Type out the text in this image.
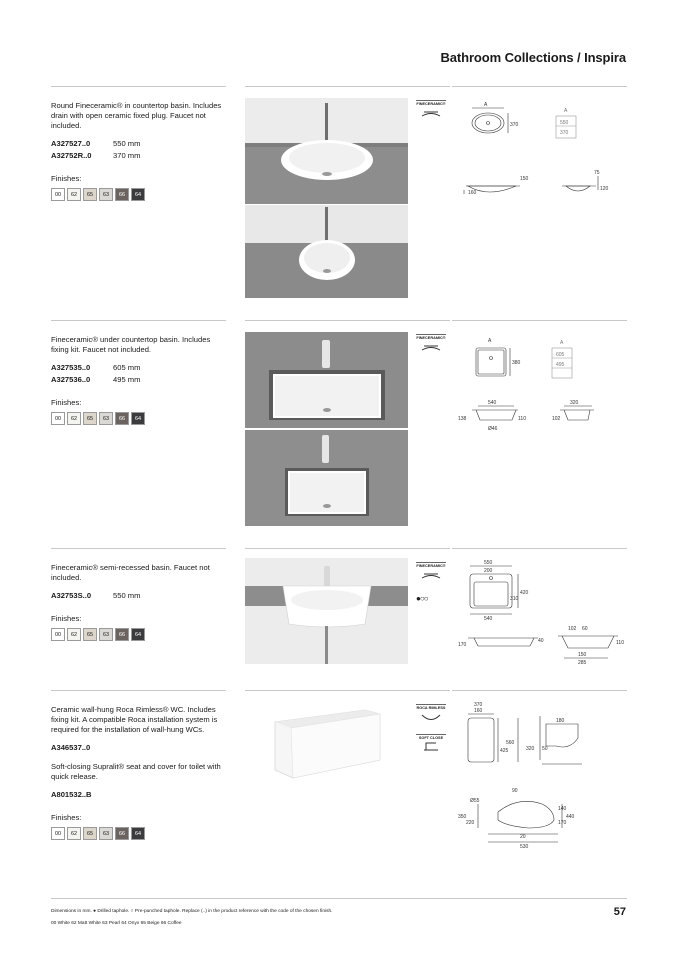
Bathroom Collections / Inspira

Round Fineceramic® in countertop basin. Includes drain with open ceramic fixed plug. Faucet not included.

A327527..0	550 mm
A32752R..0	370 mm
Finishes:
00	62	65	63	66	64
FINECERAMIC®	A
370
A
550
370
150
160
75
120

Fineceramic® under countertop basin. Includes fixing kit. Faucet not included.

A327535..0	605 mm
A327536..0	495 mm
Finishes:
00	62	65	63	66	64
FINECERAMIC®	A
380
A
605
495
540	320
138	110	102
Ø46

Fineceramic® semi-recessed basin. Faucet not included.

A32753S..0	550 mm
Finishes:
00	62	65	63	66	64
FINECERAMIC®
●○○
550
200
420
310
540
170
40
102 60
110
150
285

Ceramic wall-hung Roca Rimless® WC. Includes fixing kit. A compatible Roca installation system is required for the installation of wall-hung WCs.

A346537..0

Soft-closing Supralit® seat and cover for toilet with quick release.

A801532..B
Finishes:
00	62	65	63	66	64
ROCA RIMLESS
SOFT CLOSE
370
160
425
560
180
320 50
90
Ø55
350
220
140
170
440
20
530
Dimensions in mm. ● Drilled taphole. ○ Pre-punched taphole. Replace (..) in the product reference with the code of the chosen finish.
00 White 62 Matt White 63 Pearl 64 Onyx 65 Beige 66 Coffee
57
